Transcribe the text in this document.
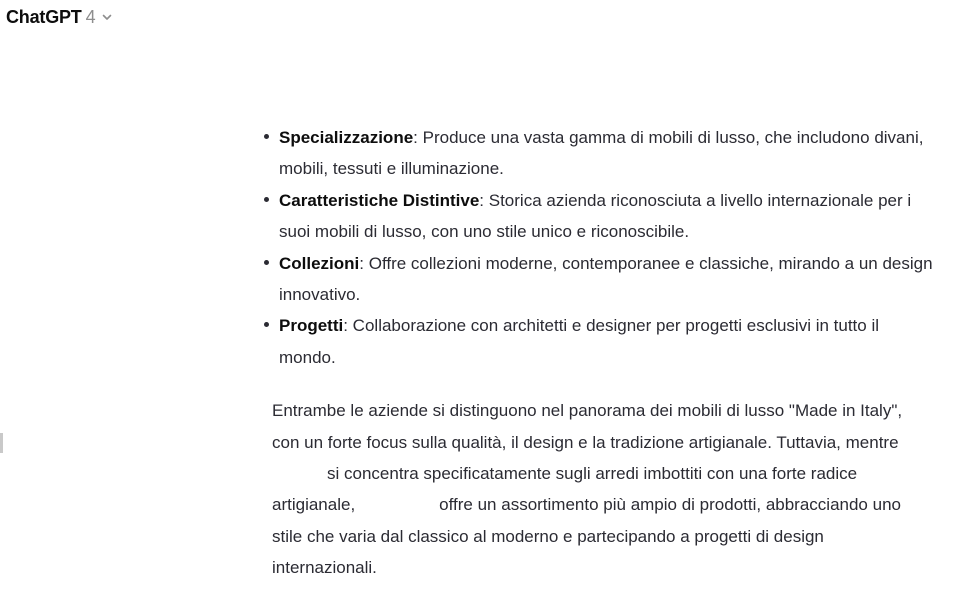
ChatGPT 4
Specializzazione: Produce una vasta gamma di mobili di lusso, che includono divani,
mobili, tessuti e illuminazione.
Caratteristiche Distintive: Storica azienda riconosciuta a livello internazionale per i
suoi mobili di lusso, con uno stile unico e riconoscibile.
Collezioni: Offre collezioni moderne, contemporanee e classiche, mirando a un design
innovativo.
Progetti: Collaborazione con architetti e designer per progetti esclusivi in tutto il
mondo.
Entrambe le aziende si distinguono nel panorama dei mobili di lusso "Made in Italy",
con un forte focus sulla qualità, il design e la tradizione artigianale. Tuttavia, mentre
si concentra specificatamente sugli arredi imbottiti con una forte radice
artigianale,	offre un assortimento più ampio di prodotti, abbracciando uno
stile che varia dal classico al moderno e partecipando a progetti di design
internazionali.
